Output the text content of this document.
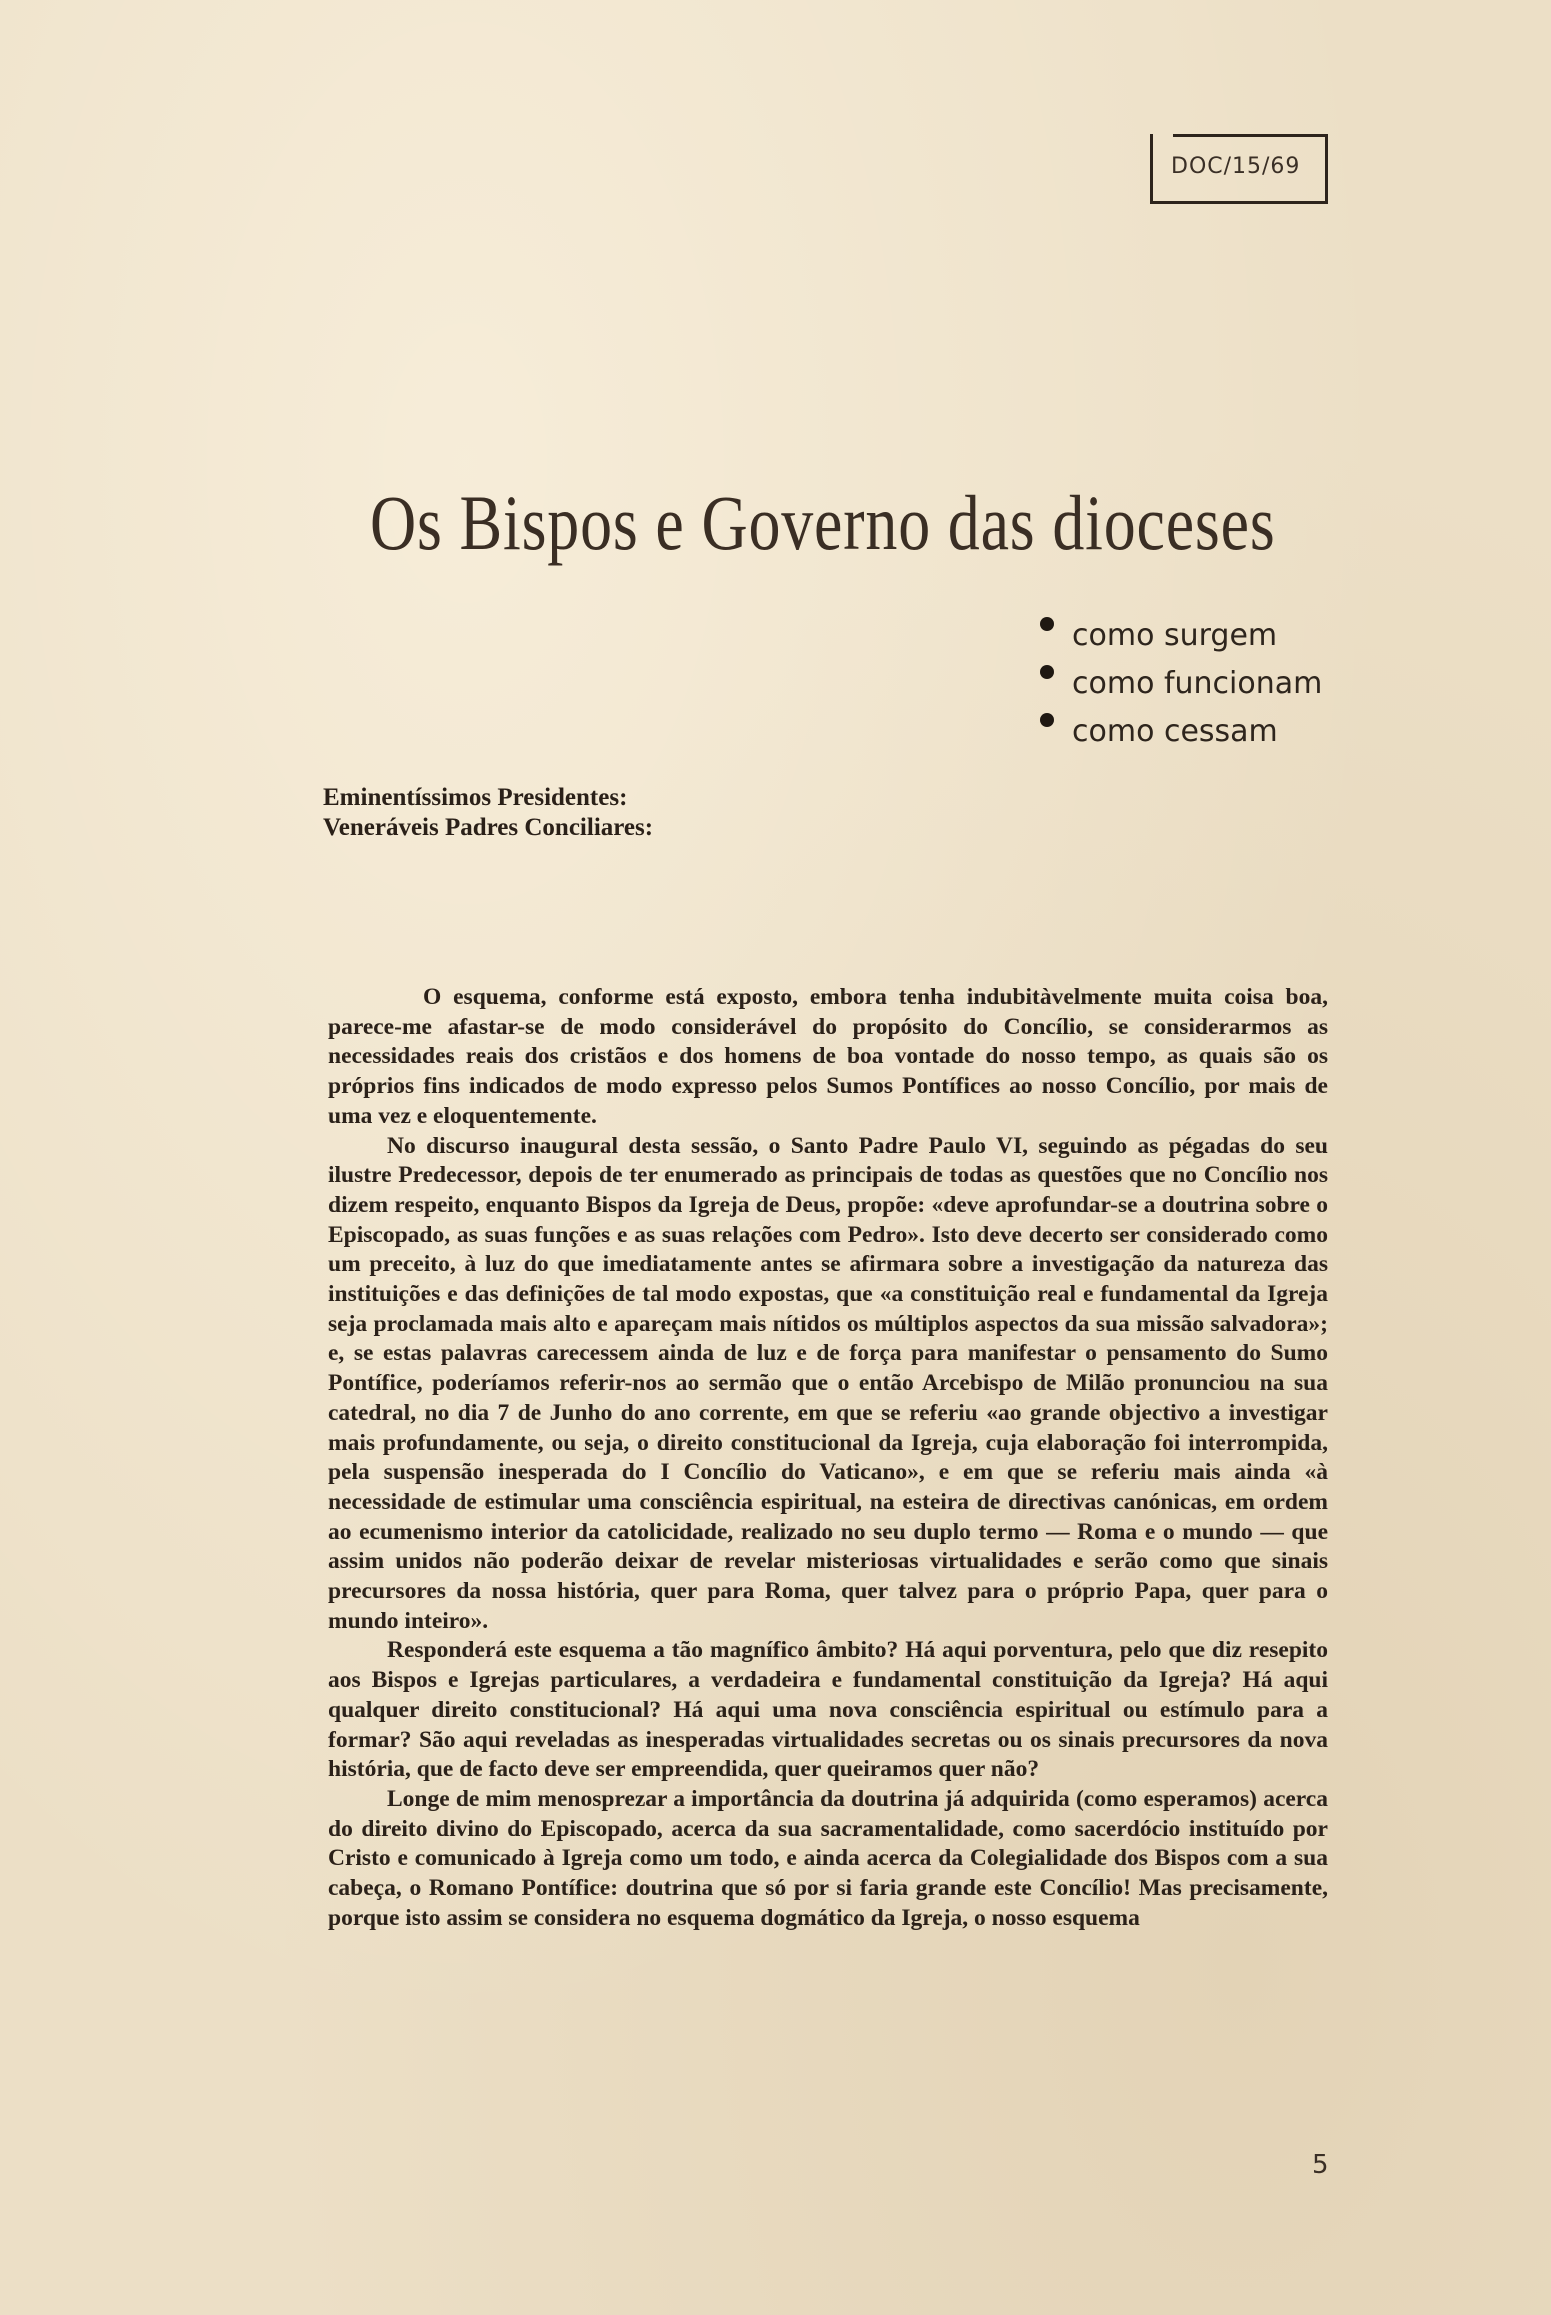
DOC/15/69
Os Bispos e Governo das dioceses
como surgem
como funcionam
como cessam
Eminentíssimos Presidentes:
Veneráveis Padres Conciliares:

O esquema, conforme está exposto, embora tenha indubitàvelmente muita coisa boa, parece-me afastar-se de modo considerável do propósito do Concílio, se considerarmos as necessidades reais dos cristãos e dos homens de boa vontade do nosso tempo, as quais são os próprios fins indicados de modo expresso pelos Sumos Pontífices ao nosso Concílio, por mais de uma vez e eloquentemente.

No discurso inaugural desta sessão, o Santo Padre Paulo VI, seguindo as pégadas do seu ilustre Predecessor, depois de ter enumerado as principais de todas as questões que no Concílio nos dizem respeito, enquanto Bispos da Igreja de Deus, propõe: «deve aprofundar-se a doutrina sobre o Episcopado, as suas funções e as suas relações com Pedro». Isto deve decerto ser considerado como um preceito, à luz do que imediatamente antes se afirmara sobre a investigação da natureza das instituições e das definições de tal modo expostas, que «a constituição real e fundamental da Igreja seja proclamada mais alto e apareçam mais nítidos os múltiplos aspectos da sua missão salvadora»; e, se estas palavras carecessem ainda de luz e de força para manifestar o pensamento do Sumo Pontífice, poderíamos referir-nos ao sermão que o então Arcebispo de Milão pronunciou na sua catedral, no dia 7 de Junho do ano corrente, em que se referiu «ao grande objectivo a investigar mais profundamente, ou seja, o direito constitucional da Igreja, cuja elaboração foi interrompida, pela suspensão inesperada do I Concílio do Vaticano», e em que se referiu mais ainda «à necessidade de estimular uma consciência espiritual, na esteira de directivas canónicas, em ordem ao ecumenismo interior da catolicidade, realizado no seu duplo termo — Roma e o mundo — que assim unidos não poderão deixar de revelar misteriosas virtualidades e serão como que sinais precursores da nossa história, quer para Roma, quer talvez para o próprio Papa, quer para o mundo inteiro».

Responderá este esquema a tão magnífico âmbito? Há aqui porventura, pelo que diz resepito aos Bispos e Igrejas particulares, a verdadeira e fundamental constituição da Igreja? Há aqui qualquer direito constitucional? Há aqui uma nova consciência espiritual ou estímulo para a formar? São aqui reveladas as inesperadas virtualidades secretas ou os sinais precursores da nova história, que de facto deve ser empreendida, quer queiramos quer não?

Longe de mim menosprezar a importância da doutrina já adquirida (como esperamos) acerca do direito divino do Episcopado, acerca da sua sacramentalidade, como sacerdócio instituído por Cristo e comunicado à Igreja como um todo, e ainda acerca da Colegialidade dos Bispos com a sua cabeça, o Romano Pontífice: doutrina que só por si faria grande este Concílio! Mas precisamente, porque isto assim se considera no esquema dogmático da Igreja, o nosso esquema

5
